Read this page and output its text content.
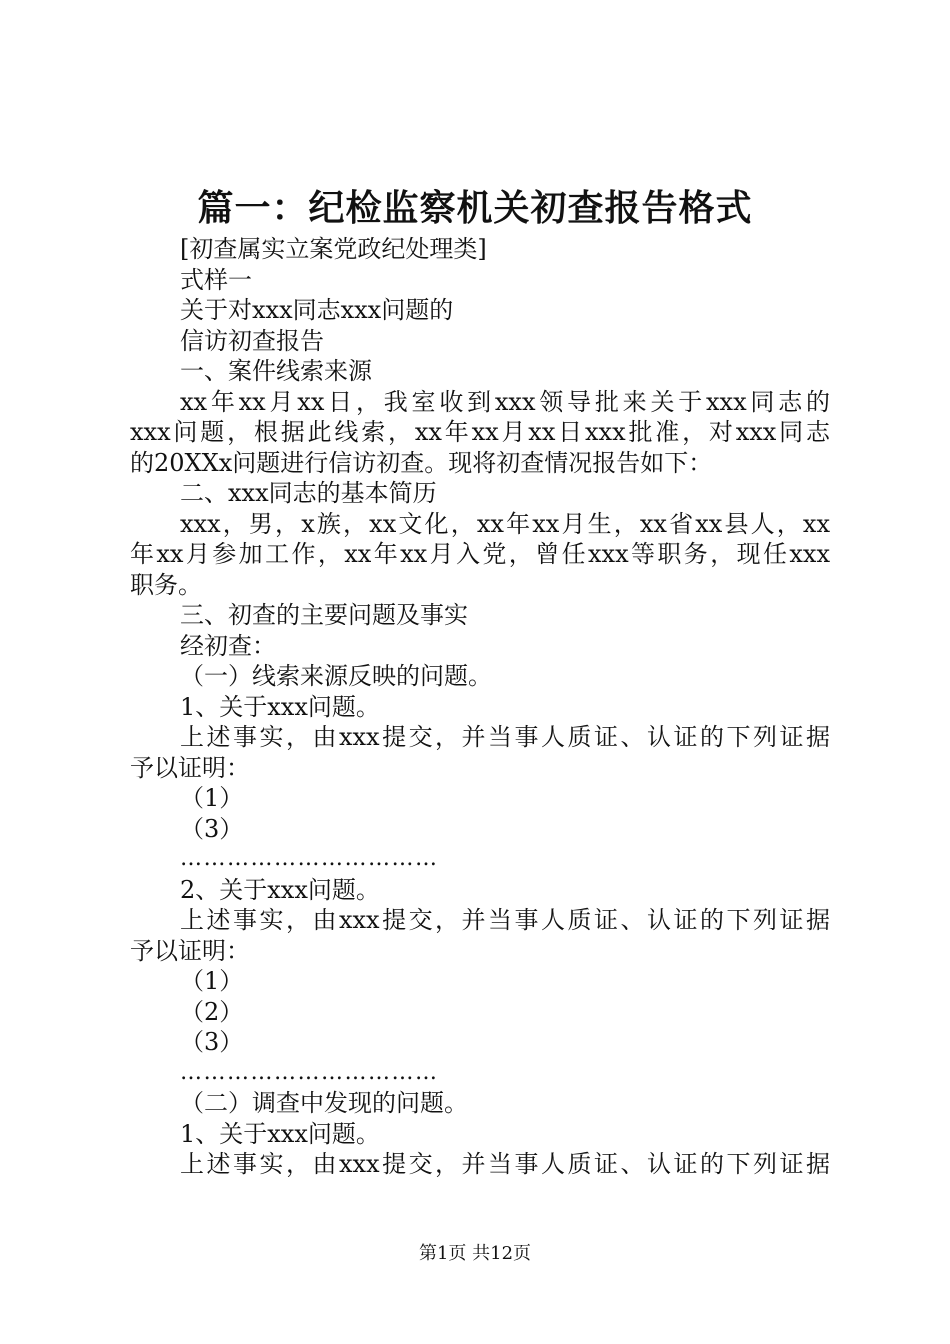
篇一：纪检监察机关初查报告格式
[初查属实立案党政纪处理类]
式样一
关于对xxx同志xxx问题的
信访初查报告
一、案件线索来源
xx年xx月xx日，我室收到xxx领导批来关于xxx同志的
xxx问题，根据此线索，xx年xx月xx日xxx批准，对xxx同志
的20XXx问题进行信访初查。现将初查情况报告如下：
二、xxx同志的基本简历
xxx，男，x族，xx文化，xx年xx月生，xx省xx县人，xx
年xx月参加工作，xx年xx月入党，曾任xxx等职务，现任xxx
职务。
三、初查的主要问题及事实
经初查：
（一）线索来源反映的问题。
1、关于xxx问题。
上述事实，由xxx提交，并当事人质证、认证的下列证据
予以证明：
（1）
（3）
……………………………
2、关于xxx问题。
上述事实，由xxx提交，并当事人质证、认证的下列证据
予以证明：
（1）
（2）
（3）
……………………………
（二）调查中发现的问题。
1、关于xxx问题。
上述事实，由xxx提交，并当事人质证、认证的下列证据
第1页 共12页
